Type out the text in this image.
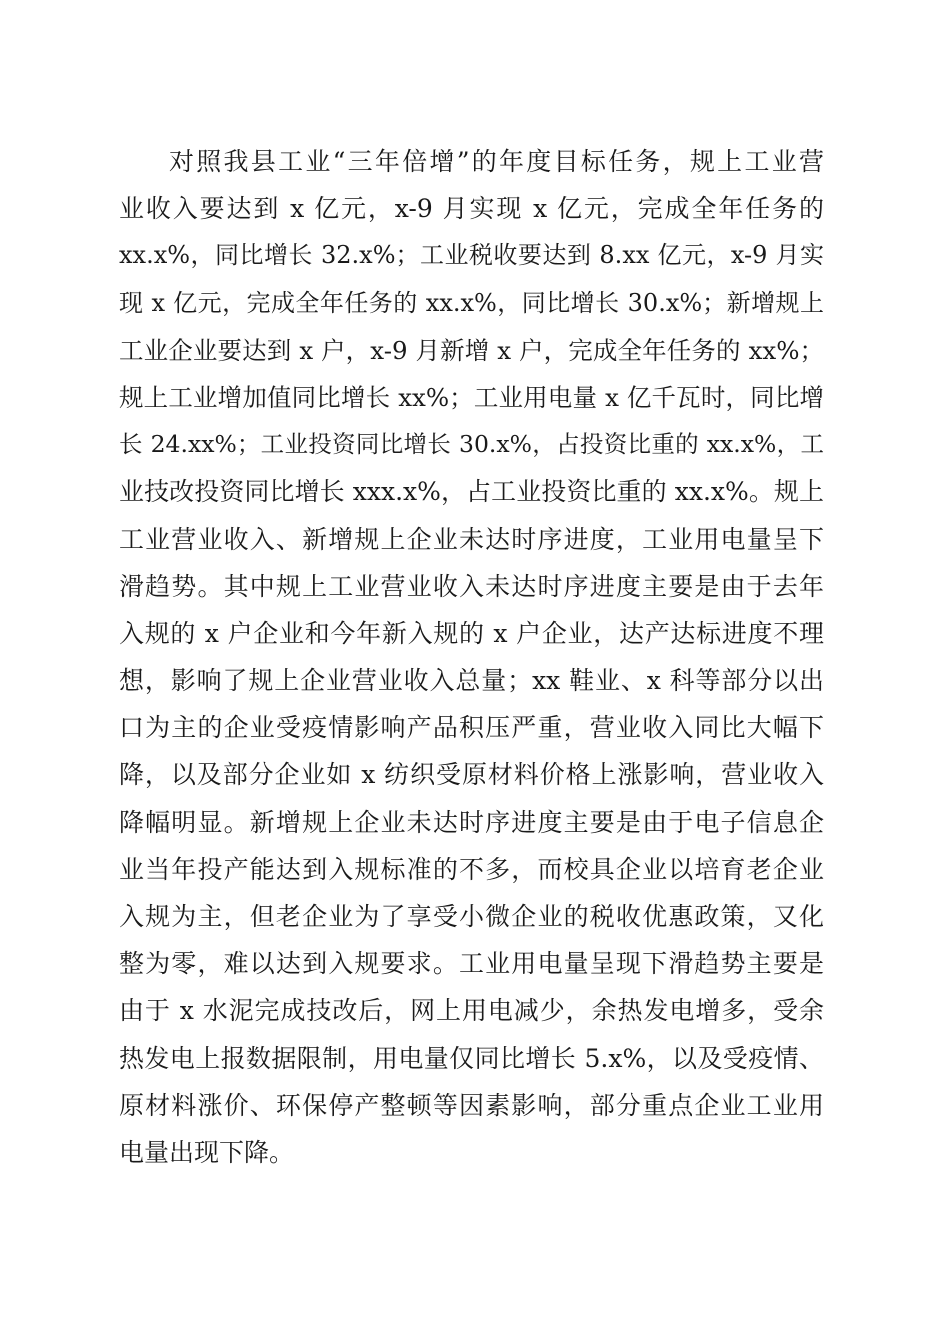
对照我县工业“三年倍增”的年度目标任务，规上工业营
业收入要达到 x 亿元，x-9 月实现 x 亿元，完成全年任务的
xx.x%，同比增长 32.x%；工业税收要达到 8.xx 亿元，x-9 月实
现 x 亿元，完成全年任务的 xx.x%，同比增长 30.x%；新增规上
工业企业要达到 x 户，x-9 月新增 x 户，完成全年任务的 xx%；
规上工业增加值同比增长 xx%；工业用电量 x 亿千瓦时，同比增
长 24.xx%；工业投资同比增长 30.x%，占投资比重的 xx.x%，工
业技改投资同比增长 xxx.x%，占工业投资比重的 xx.x%。规上
工业营业收入、新增规上企业未达时序进度，工业用电量呈下
滑趋势。其中规上工业营业收入未达时序进度主要是由于去年
入规的 x 户企业和今年新入规的 x 户企业，达产达标进度不理
想，影响了规上企业营业收入总量；xx 鞋业、x 科等部分以出
口为主的企业受疫情影响产品积压严重，营业收入同比大幅下
降，以及部分企业如 x 纺织受原材料价格上涨影响，营业收入
降幅明显。新增规上企业未达时序进度主要是由于电子信息企
业当年投产能达到入规标准的不多，而校具企业以培育老企业
入规为主，但老企业为了享受小微企业的税收优惠政策，又化
整为零，难以达到入规要求。工业用电量呈现下滑趋势主要是
由于 x 水泥完成技改后，网上用电减少，余热发电增多，受余
热发电上报数据限制，用电量仅同比增长 5.x%，以及受疫情、
原材料涨价、环保停产整顿等因素影响，部分重点企业工业用
电量出现下降。
